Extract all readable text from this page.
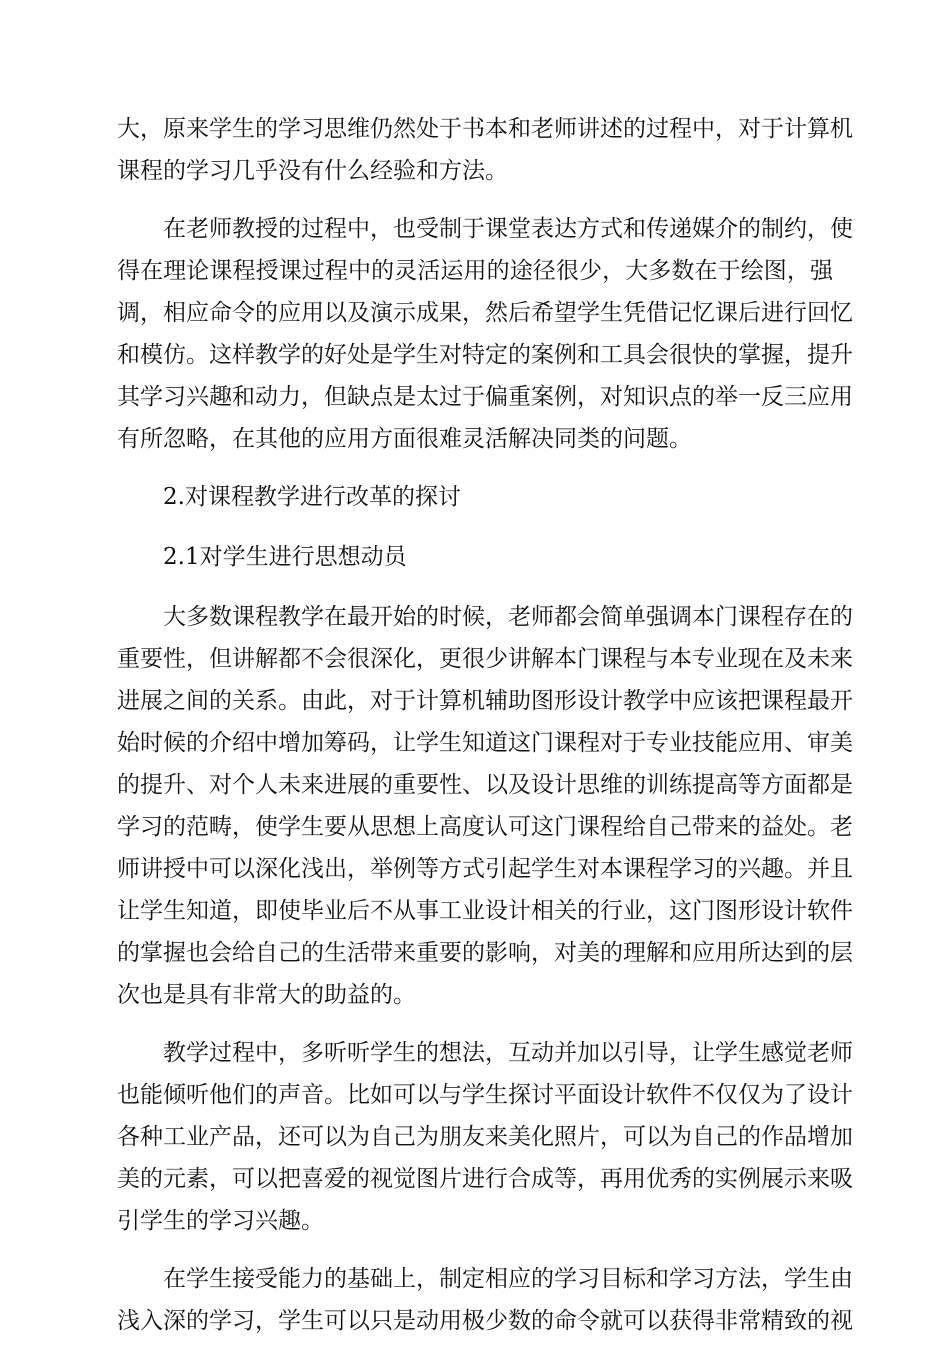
大，原来学生的学习思维仍然处于书本和老师讲述的过程中，对于计算机
课程的学习几乎没有什么经验和方法。
在老师教授的过程中，也受制于课堂表达方式和传递媒介的制约，使
得在理论课程授课过程中的灵活运用的途径很少，大多数在于绘图，强
调，相应命令的应用以及演示成果，然后希望学生凭借记忆课后进行回忆
和模仿。这样教学的好处是学生对特定的案例和工具会很快的掌握，提升
其学习兴趣和动力，但缺点是太过于偏重案例，对知识点的举一反三应用
有所忽略，在其他的应用方面很难灵活解决同类的问题。
2.对课程教学进行改革的探讨
2.1对学生进行思想动员
大多数课程教学在最开始的时候，老师都会简单强调本门课程存在的
重要性，但讲解都不会很深化，更很少讲解本门课程与本专业现在及未来
进展之间的关系。由此，对于计算机辅助图形设计教学中应该把课程最开
始时候的介绍中增加筹码，让学生知道这门课程对于专业技能应用、审美
的提升、对个人未来进展的重要性、以及设计思维的训练提高等方面都是
学习的范畴，使学生要从思想上高度认可这门课程给自己带来的益处。老
师讲授中可以深化浅出，举例等方式引起学生对本课程学习的兴趣。并且
让学生知道，即使毕业后不从事工业设计相关的行业，这门图形设计软件
的掌握也会给自己的生活带来重要的影响，对美的理解和应用所达到的层
次也是具有非常大的助益的。
教学过程中，多听听学生的想法，互动并加以引导，让学生感觉老师
也能倾听他们的声音。比如可以与学生探讨平面设计软件不仅仅为了设计
各种工业产品，还可以为自己为朋友来美化照片，可以为自己的作品增加
美的元素，可以把喜爱的视觉图片进行合成等，再用优秀的实例展示来吸
引学生的学习兴趣。
在学生接受能力的基础上，制定相应的学习目标和学习方法，学生由
浅入深的学习，学生可以只是动用极少数的命令就可以获得非常精致的视
